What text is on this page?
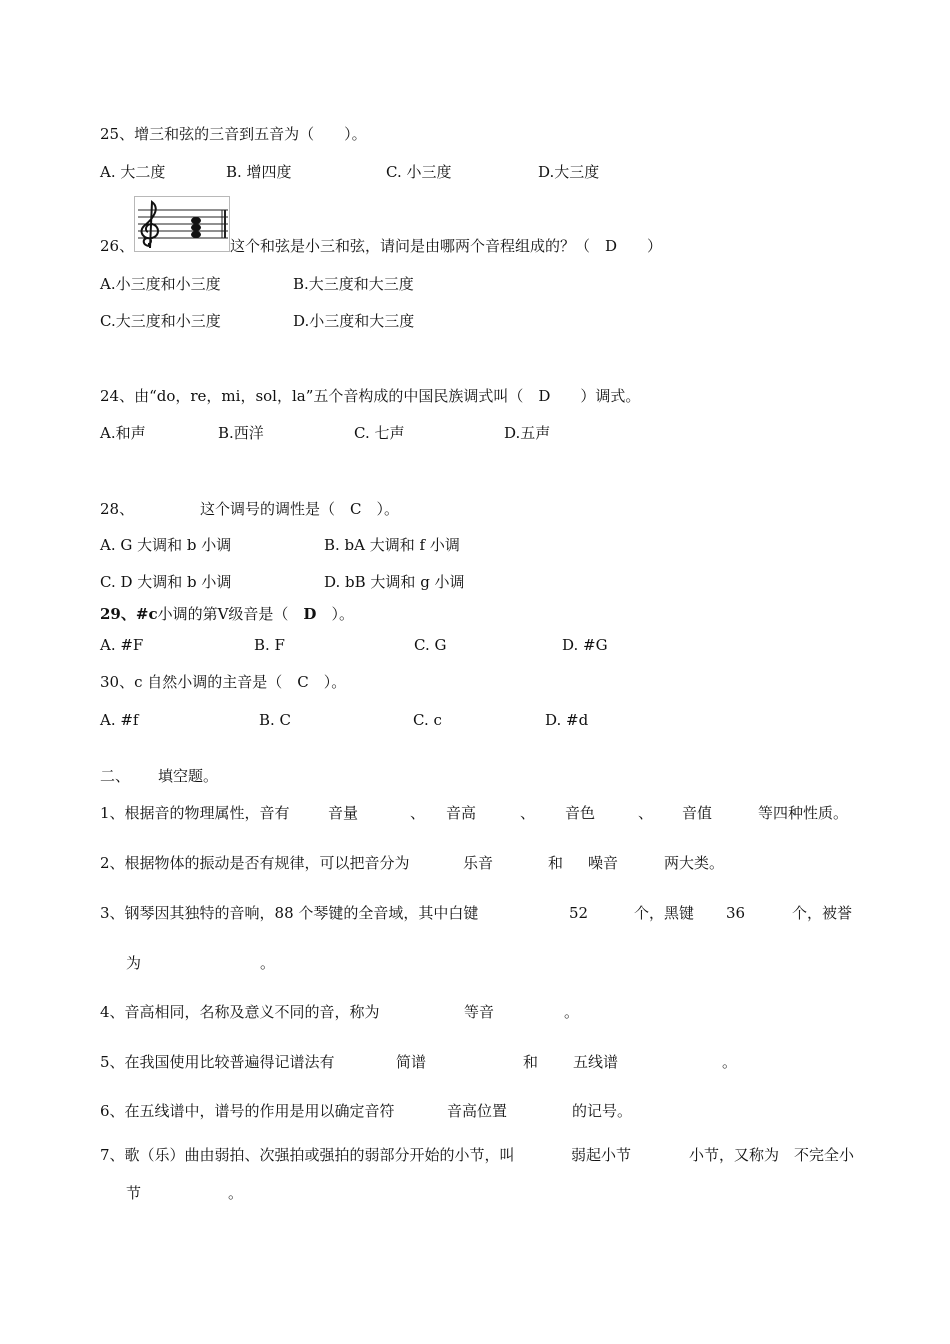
25、增三和弦的三音到五音为（　　）。
A. 大二度	B. 增四度	C. 小三度	D.大三度
26、	这个和弦是小三和弦，请问是由哪两个音程组成的？（　D　　）
A.小三度和小三度	B.大三度和大三度
C.大三度和小三度	D.小三度和大三度
24、由“do，re，mi，sol，la”五个音构成的中国民族调式叫（　D　　）调式。
A.和声	B.西洋	C. 七声	D.五声
28、	这个调号的调性是（　C　）。
A. G 大调和 b 小调	B. bA 大调和 f 小调
C. D 大调和 b 小调	D. bB 大调和 g 小调
29、#c小调的第Ⅴ级音是（　D　）。
A. #F	B. F	C. G	D. #G
30、c 自然小调的主音是（　C　）。
A. #f	B. C	C. c	D. #d
二、 填空题。
1、根据音的物理属性，音有	音量	、 音高	、 音色	、 音值	等四种性质。
2、根据物体的振动是否有规律，可以把音分为	乐音	和 噪音	两大类。
3、钢琴因其独特的音响，88 个琴键的全音域，其中白键	52	个，黑键 36	个，被誉
为	。
4、音高相同，名称及意义不同的音，称为	等音	。
5、在我国使用比较普遍得记谱法有	简谱	和 五线谱	。
6、在五线谱中，谱号的作用是用以确定音符	音高位置	的记号。
7、歌（乐）曲由弱拍、次强拍或强拍的弱部分开始的小节，叫	弱起小节	小节，又称为 不完全小
节	。
